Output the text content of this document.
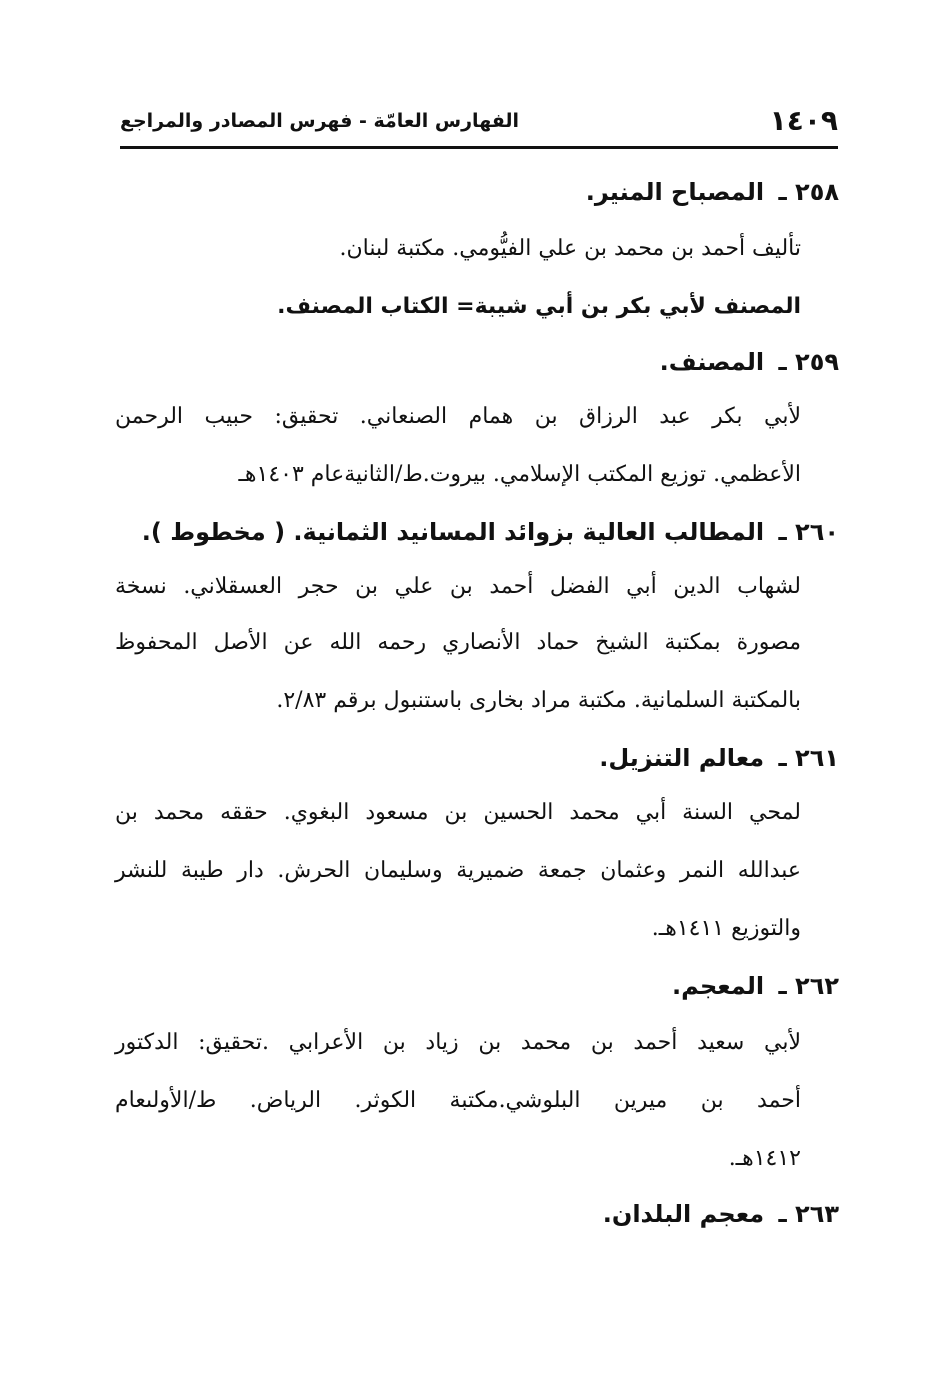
١٤٠٩
الفهارس العامّة - فهرس المصادر والمراجع
٢٥٨ ـ المصباح المنير.
تأليف أحمد بن محمد بن علي الفيُّومي. مكتبة لبنان.
المصنف لأبي بكر بن أبي شيبة= الكتاب المصنف.
٢٥٩ ـ المصنف.
لأبي بكر عبد الرزاق بن همام الصنعاني. تحقيق: حبيب الرحمن
الأعظمي. توزيع المكتب الإسلامي. بيروت.ط/الثانيةعام ١٤٠٣هـ
٢٦٠ ـ المطالب العالية بزوائد المسانيد الثمانية. ( مخطوط ).
لشهاب الدين أبي الفضل أحمد بن علي بن حجر العسقلاني. نسخة
مصورة بمكتبة الشيخ حماد الأنصاري رحمه الله عن الأصل المحفوظ
بالمكتبة السلمانية. مكتبة مراد بخارى باستنبول برقم ٢/٨٣.
٢٦١ ـ معالم التنزيل.
لمحي السنة أبي محمد الحسين بن مسعود البغوي. حققه محمد بن
عبدالله النمر وعثمان جمعة ضميرية وسليمان الحرش. دار طيبة للنشر
والتوزيع ١٤١١هـ.
٢٦٢ ـ المعجم.
لأبي سعيد أحمد بن محمد بن زياد بن الأعرابي .تحقيق: الدكتور
أحمد بن ميرين البلوشي.مكتبة الكوثر. الرياض. ط/الأولىعام
١٤١٢هـ.
٢٦٣ ـ معجم البلدان.
